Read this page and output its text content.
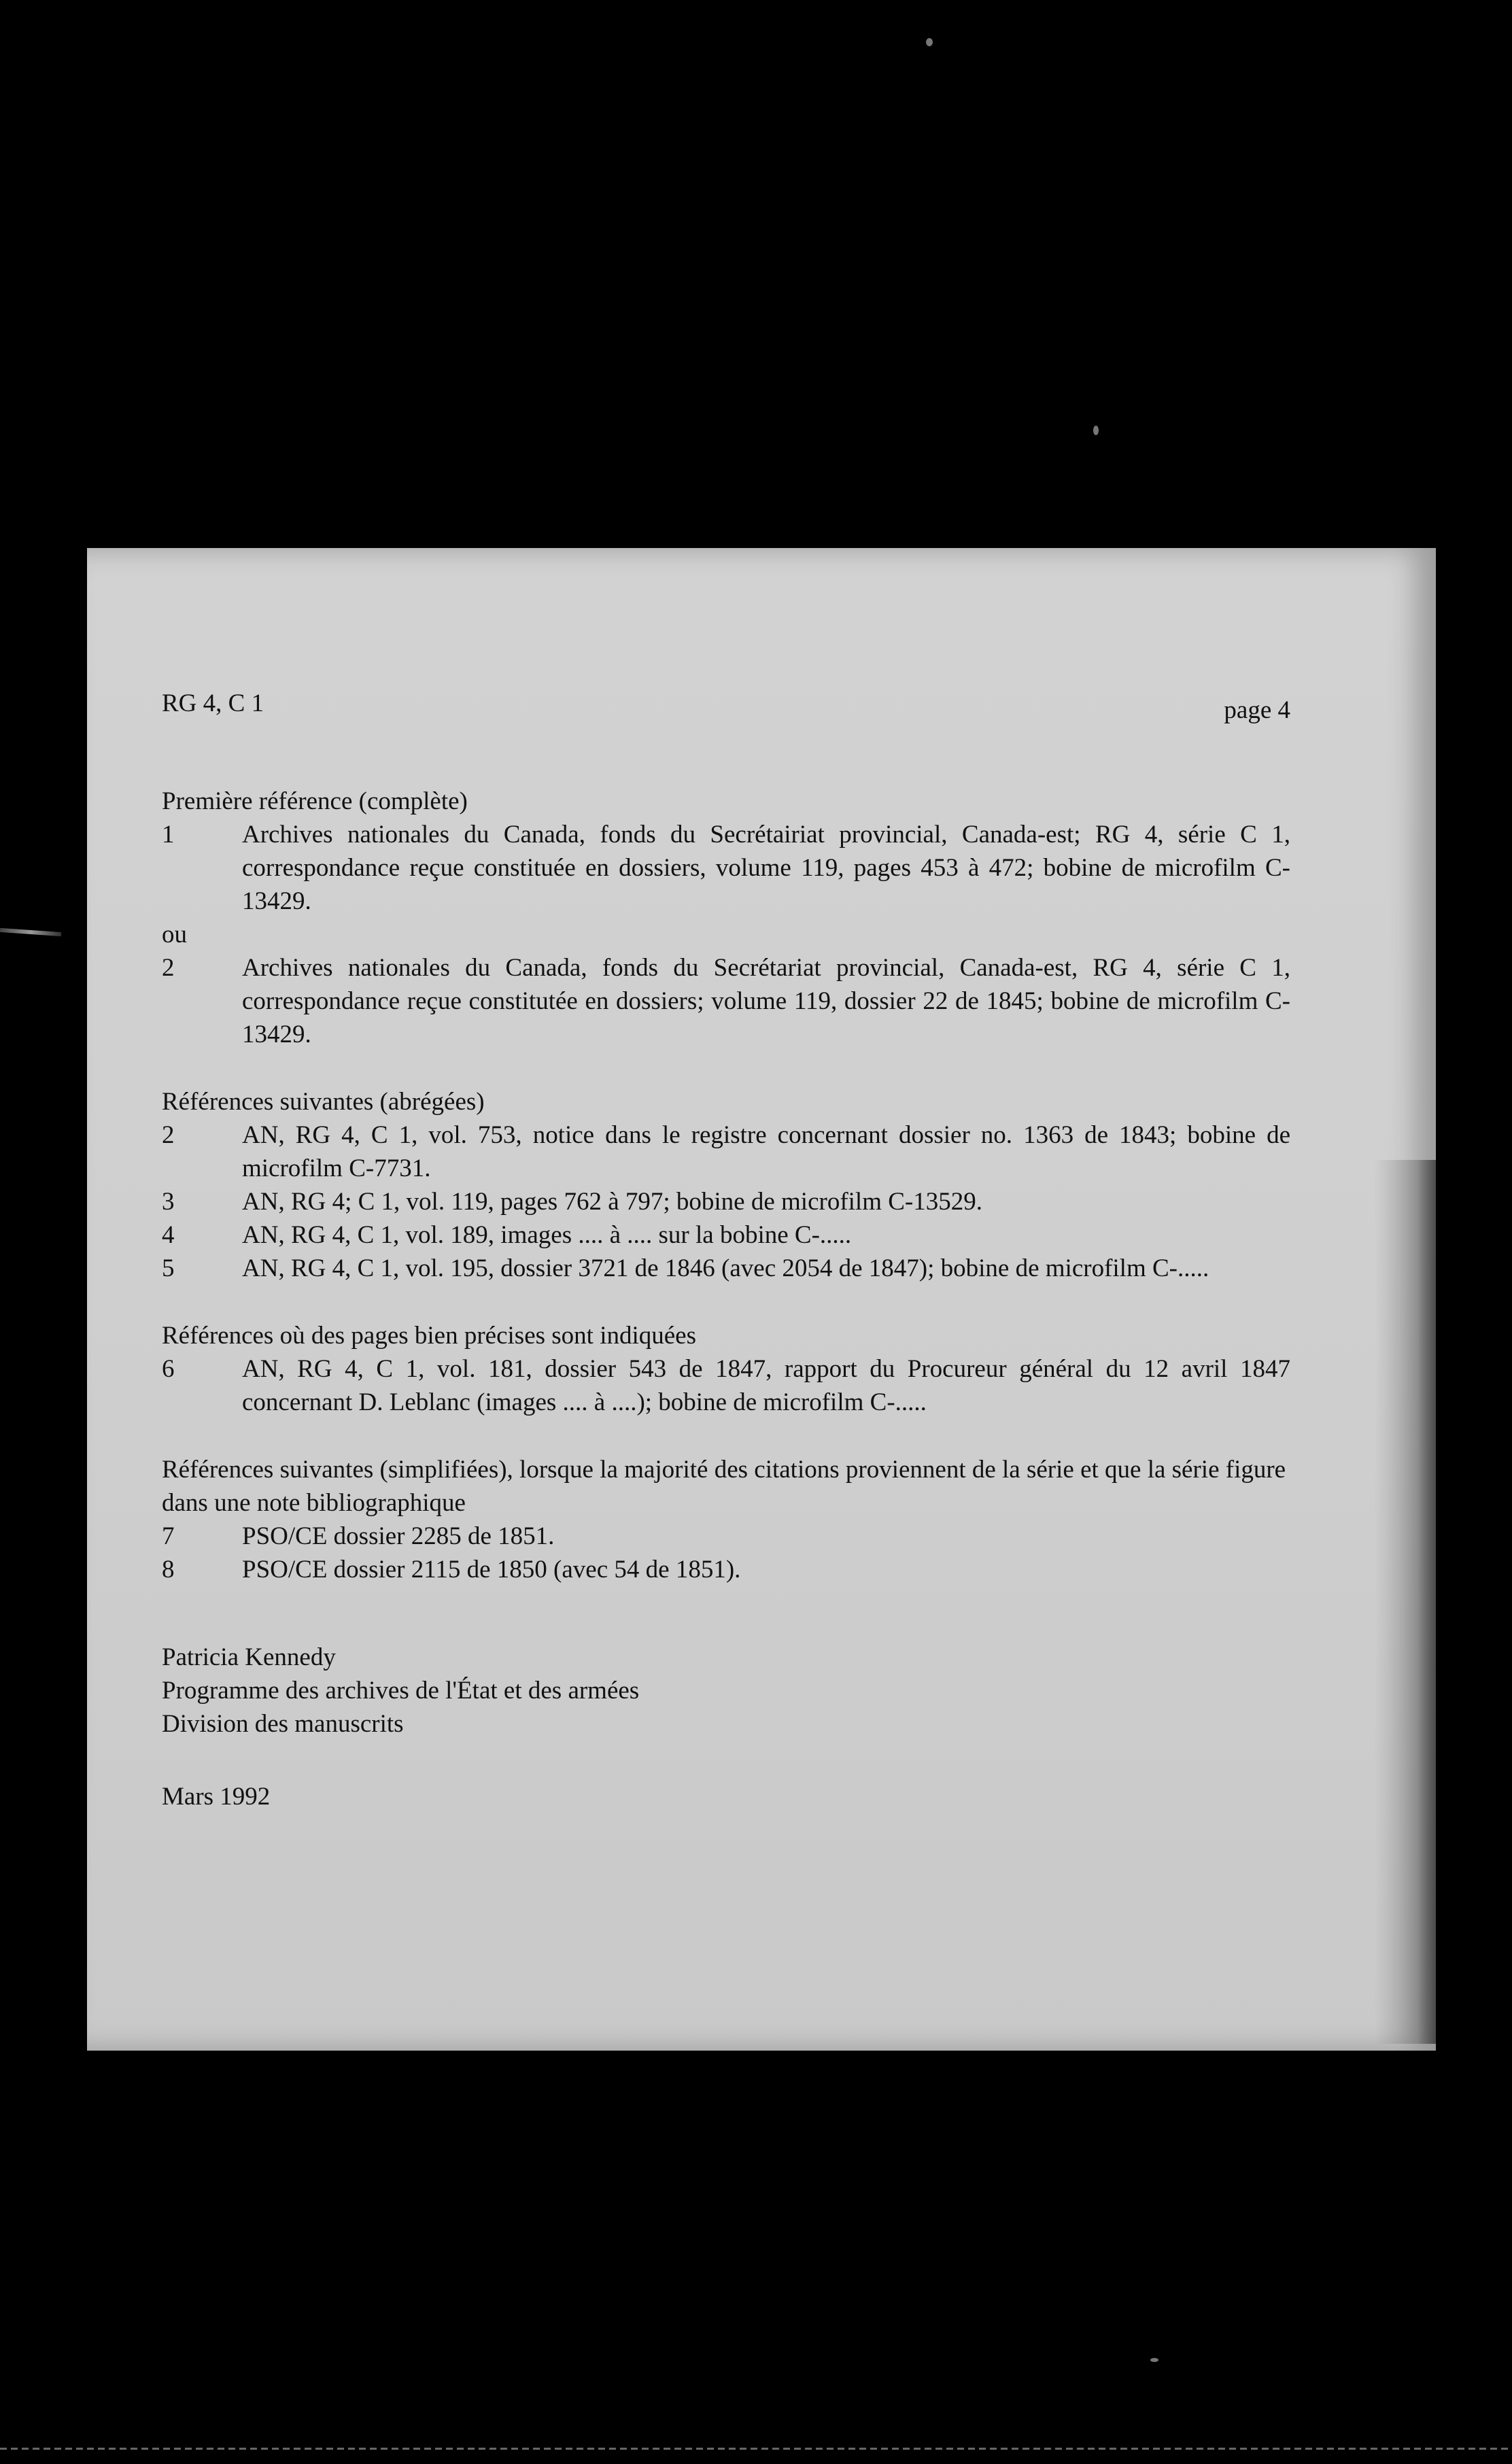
RG 4, C 1	page 4

Première référence (complète)

1	Archives nationales du Canada, fonds du Secrétairiat provincial, Canada-est; RG 4, série C 1, correspondance reçue constituée en dossiers, volume 119, pages 453 à 472; bobine de microfilm C-13429.

ou

2	Archives nationales du Canada, fonds du Secrétariat provincial, Canada-est, RG 4, série C 1, correspondance reçue constitutée en dossiers; volume 119, dossier 22 de 1845; bobine de microfilm C-13429.

Références suivantes (abrégées)

2	AN, RG 4, C 1, vol. 753, notice dans le registre concernant dossier no. 1363 de 1843; bobine de microfilm C-7731.
3	AN, RG 4; C 1, vol. 119, pages 762 à 797; bobine de microfilm C-13529.
4	AN, RG 4, C 1, vol. 189, images .... à .... sur la bobine C-.....
5	AN, RG 4, C 1, vol. 195, dossier 3721 de 1846 (avec 2054 de 1847); bobine de microfilm C-.....

Références où des pages bien précises sont indiquées

6	AN, RG 4, C 1, vol. 181, dossier 543 de 1847, rapport du Procureur général du 12 avril 1847 concernant D. Leblanc (images .... à ....); bobine de microfilm C-.....

Références suivantes (simplifiées), lorsque la majorité des citations proviennent de la série et que la série figure dans une note bibliographique

7	PSO/CE dossier 2285 de 1851.
8	PSO/CE dossier 2115 de 1850 (avec 54 de 1851).

Patricia Kennedy

Programme des archives de l'État et des armées

Division des manuscrits

Mars 1992
